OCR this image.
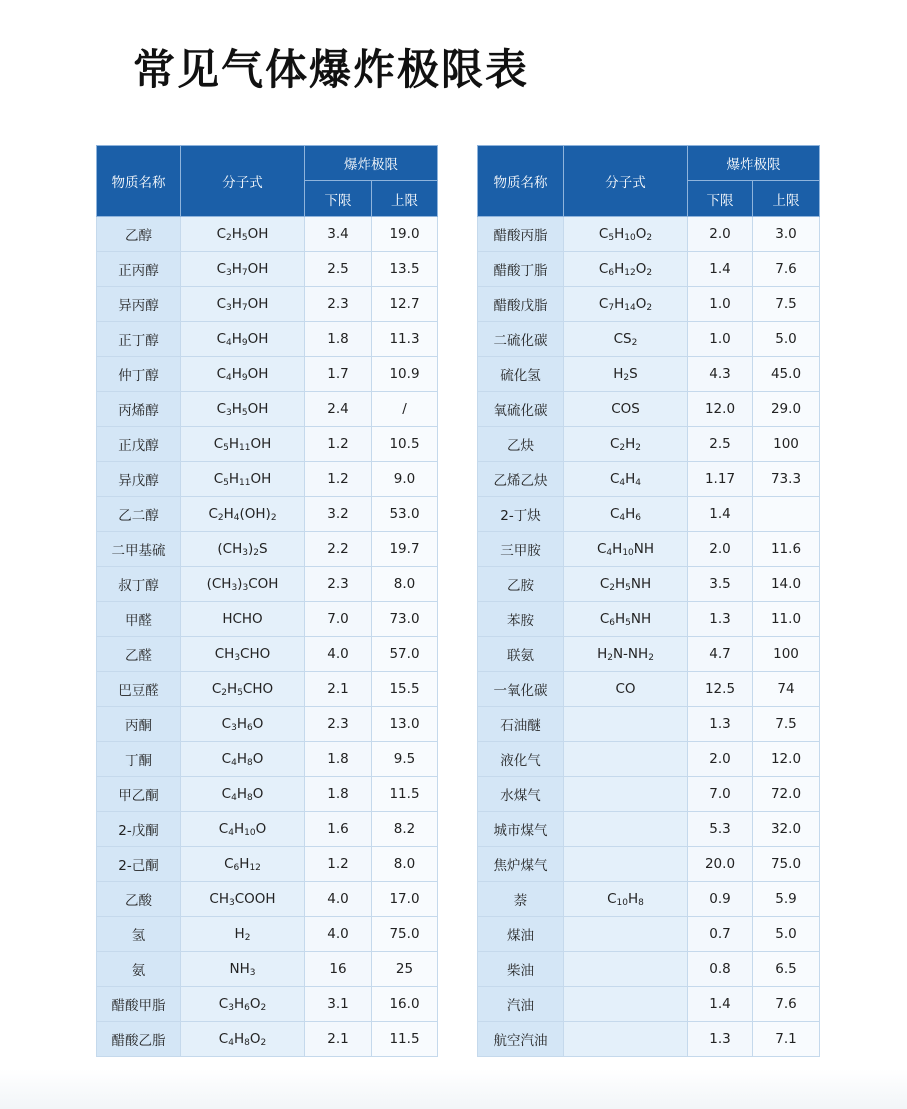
常见气体爆炸极限表
物质名称	分子式	爆炸极限	
		下限	上限
乙醇	$C_2H_5OH$	3.4	19.0
正丙醇	$C_3H_7OH$	2.5	13.5
异丙醇	$C_3H_7OH$	2.3	12.7
正丁醇	$C_4H_9OH$	1.8	11.3
仲丁醇	$C_4H_9OH$	1.7	10.9
丙烯醇	$C_3H_5OH$	2.4	/
正戊醇	$C_5H_{11}OH$	1.2	10.5
异戊醇	$C_5H_{11}OH$	1.2	9.0
乙二醇	$C_2H_4(OH)_2$	3.2	53.0
二甲基硫	$(CH_3)_2S$	2.2	19.7
叔丁醇	$(CH_3)_3COH$	2.3	8.0
甲醛	HCHO	7.0	73.0
乙醛	$CH_3CHO$	4.0	57.0
巴豆醛	$C_2H_5CHO$	2.1	15.5
丙酮	$C_3H_6O$	2.3	13.0
丁酮	$C_4H_8O$	1.8	9.5
甲乙酮	$C_4H_8O$	1.8	11.5
2-戊酮	$C_4H_{10}O$	1.6	8.2
2-己酮	$C_6H_{12}$	1.2	8.0
乙酸	$CH_3COOH$	4.0	17.0
氢	$H_2$	4.0	75.0
氨	$NH_3$	16	25
醋酸甲脂	$C_3H_6O_2$	3.1	16.0
醋酸乙脂	$C_4H_8O_2$	2.1	11.5
物质名称	分子式	爆炸极限	
		下限	上限
醋酸丙脂	$C_5H_{10}O_2$	2.0	3.0
醋酸丁脂	$C_6H_{12}O_2$	1.4	7.6
醋酸戊脂	$C_7H_{14}O_2$	1.0	7.5
二硫化碳	$CS_2$	1.0	5.0
硫化氢	$H_2S$	4.3	45.0
氧硫化碳	COS	12.0	29.0
乙炔	$C_2H_2$	2.5	100
乙烯乙炔	$C_4H_4$	1.17	73.3
2-丁炔	$C_4H_6$	1.4	
三甲胺	$C_4H_{10}NH$	2.0	11.6
乙胺	$C_2H_5NH$	3.5	14.0
苯胺	$C_6H_5NH$	1.3	11.0
联氨	$H_2N-NH_2$	4.7	100
一氧化碳	CO	12.5	74
石油醚		1.3	7.5
液化气		2.0	12.0
水煤气		7.0	72.0
城市煤气		5.3	32.0
焦炉煤气		20.0	75.0
萘	$C_{10}H_8$	0.9	5.9
煤油		0.7	5.0
柴油		0.8	6.5
汽油		1.4	7.6
航空汽油		1.3	7.1
